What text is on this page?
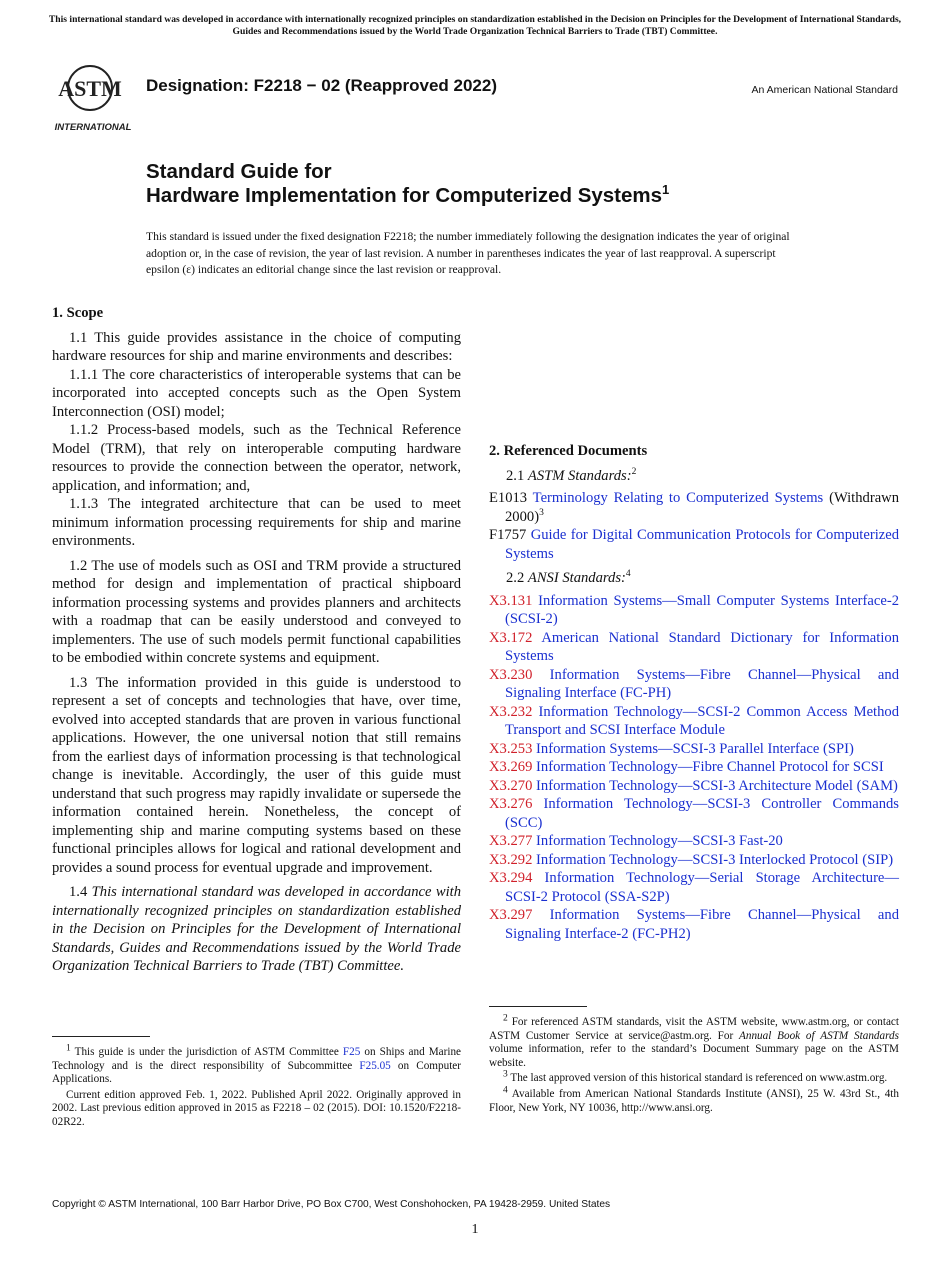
This international standard was developed in accordance with internationally recognized principles on standardization established in the Decision on Principles for the Development of International Standards, Guides and Recommendations issued by the World Trade Organization Technical Barriers to Trade (TBT) Committee.
ASTM
INTERNATIONAL
Designation: F2218 − 02 (Reapproved 2022)	An American National Standard
Standard Guide for
Hardware Implementation for Computerized Systems$^1$
This standard is issued under the fixed designation F2218; the number immediately following the designation indicates the year of original adoption or, in the case of revision, the year of last revision. A number in parentheses indicates the year of last reapproval. A superscript epsilon (ε) indicates an editorial change since the last revision or reapproval.
1. Scope
1.1 This guide provides assistance in the choice of computing hardware resources for ship and marine environments and describes:
1.1.1 The core characteristics of interoperable systems that can be incorporated into accepted concepts such as the Open System Interconnection (OSI) model;
1.1.2 Process-based models, such as the Technical Reference Model (TRM), that rely on interoperable computing hardware resources to provide the connection between the operator, network, application, and information; and,
1.1.3 The integrated architecture that can be used to meet minimum information processing requirements for ship and marine environments.
1.2 The use of models such as OSI and TRM provide a structured method for design and implementation of practical shipboard information processing systems and provides planners and architects with a roadmap that can be easily understood and conveyed to implementers. The use of such models permit functional capabilities to be embodied within concrete systems and equipment.
1.3 The information provided in this guide is understood to represent a set of concepts and technologies that have, over time, evolved into accepted standards that are proven in various functional applications. However, the one universal notion that still remains from the earliest days of information processing is that technological change is inevitable. Accordingly, the user of this guide must understand that such progress may rapidly invalidate or supersede the information contained herein. Nonetheless, the concept of implementing ship and marine computing systems based on these functional principles allows for logical and rational development and provides a sound process for eventual upgrade and improvement.
1.4 This international standard was developed in accordance with internationally recognized principles on standardization established in the Decision on Principles for the Development of International Standards, Guides and Recommendations issued by the World Trade Organization Technical Barriers to Trade (TBT) Committee.
2. Referenced Documents
2.1 ASTM Standards:$^2$
E1013 Terminology Relating to Computerized Systems (Withdrawn 2000)$^3$
F1757 Guide for Digital Communication Protocols for Computerized Systems
2.2 ANSI Standards:$^4$
X3.131 Information Systems—Small Computer Systems Interface-2 (SCSI-2)
X3.172 American National Standard Dictionary for Information Systems
X3.230 Information Systems—Fibre Channel—Physical and Signaling Interface (FC-PH)
X3.232 Information Technology—SCSI-2 Common Access Method Transport and SCSI Interface Module
X3.253 Information Systems—SCSI-3 Parallel Interface (SPI)
X3.269 Information Technology—Fibre Channel Protocol for SCSI
X3.270 Information Technology—SCSI-3 Architecture Model (SAM)
X3.276 Information Technology—SCSI-3 Controller Commands (SCC)
X3.277 Information Technology—SCSI-3 Fast-20
X3.292 Information Technology—SCSI-3 Interlocked Protocol (SIP)
X3.294 Information Technology—Serial Storage Architecture—SCSI-2 Protocol (SSA-S2P)
X3.297 Information Systems—Fibre Channel—Physical and Signaling Interface-2 (FC-PH2)

$^1$ This guide is under the jurisdiction of ASTM Committee F25 on Ships and Marine Technology and is the direct responsibility of Subcommittee F25.05 on Computer Applications.

Current edition approved Feb. 1, 2022. Published April 2022. Originally approved in 2002. Last previous edition approved in 2015 as F2218 – 02 (2015). DOI: 10.1520/F2218-02R22.

$^2$ For referenced ASTM standards, visit the ASTM website, www.astm.org, or contact ASTM Customer Service at service@astm.org. For Annual Book of ASTM Standards volume information, refer to the standard’s Document Summary page on the ASTM website.

$^3$ The last approved version of this historical standard is referenced on www.astm.org.

$^4$ Available from American National Standards Institute (ANSI), 25 W. 43rd St., 4th Floor, New York, NY 10036, http://www.ansi.org.

Copyright © ASTM International, 100 Barr Harbor Drive, PO Box C700, West Conshohocken, PA 19428-2959. United States
1
